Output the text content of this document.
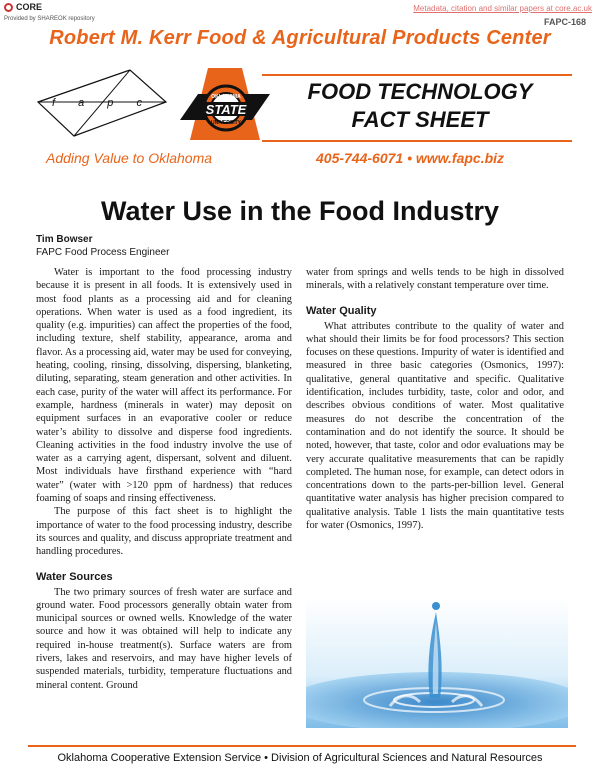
CORE
Provided by SHAREOK repository
Metadata, citation and similar papers at core.ac.uk
FAPC-168
Robert M. Kerr Food & Agricultural Products Center
f a p c	OKLAHOMA
STATE
UNIVERSITY
FOOD TECHNOLOGY
FACT SHEET
Adding Value to Oklahoma	405-744-6071 • www.fapc.biz
Water Use in the Food Industry
Tim Bowser
FAPC Food Process Engineer

Water is important to the food processing industry because it is present in all foods. It is extensively used in most food plants as a processing aid and for cleaning operations. When water is used as a food ingredient, its quality (e.g. impurities) can affect the properties of the food, including texture, shelf stability, appearance, aroma and flavor. As a processing aid, water may be used for conveying, heating, cooling, rinsing, dissolving, dispersing, blanketing, diluting, separating, steam generation and other activities. In each case, purity of the water will affect its performance. For example, hardness (minerals in water) may deposit on equipment surfaces in an evaporative cooler or reduce water’s ability to dissolve and disperse food ingredients. Cleaning activities in the food industry involve the use of water as a carrying agent, dispersant, solvent and diluent. Most individuals have firsthand experience with “hard water” (water with >120 ppm of hardness) that reduces foaming of soaps and rinsing effectiveness.

The purpose of this fact sheet is to highlight the importance of water to the food processing industry, describe its sources and quality, and discuss appropriate treatment and handling procedures.

Water Sources

The two primary sources of fresh water are surface and ground water. Food processors generally obtain water from municipal sources or owned wells. Knowledge of the water source and how it was obtained will help to indicate any required in-house treatment(s). Surface waters are from rivers, lakes and reservoirs, and may have higher levels of suspended materials, turbidity, temperature fluctuations and mineral content. Ground

water from springs and wells tends to be high in dissolved minerals, with a relatively constant temperature over time.

Water Quality

What attributes contribute to the quality of water and what should their limits be for food processors? This section focuses on these questions. Impurity of water is identified and measured in three basic categories (Osmonics, 1997): qualitative, general quantitative and specific. Qualitative identification, includes turbidity, taste, color and odor, and describes obvious conditions of water. Most qualitative measures do not describe the concentration of the contamination and do not identify the source. It should be noted, however, that taste, color and odor evaluations may be very accurate qualitative measurements that can be rapidly completed. The human nose, for example, can detect odors in concentrations down to the parts-per-billion level. General quantitative water analysis has higher precision compared to qualitative analysis. Table 1 lists the main quantitative tests for water (Osmonics, 1997).

Oklahoma Cooperative Extension Service • Division of Agricultural Sciences and Natural Resources
